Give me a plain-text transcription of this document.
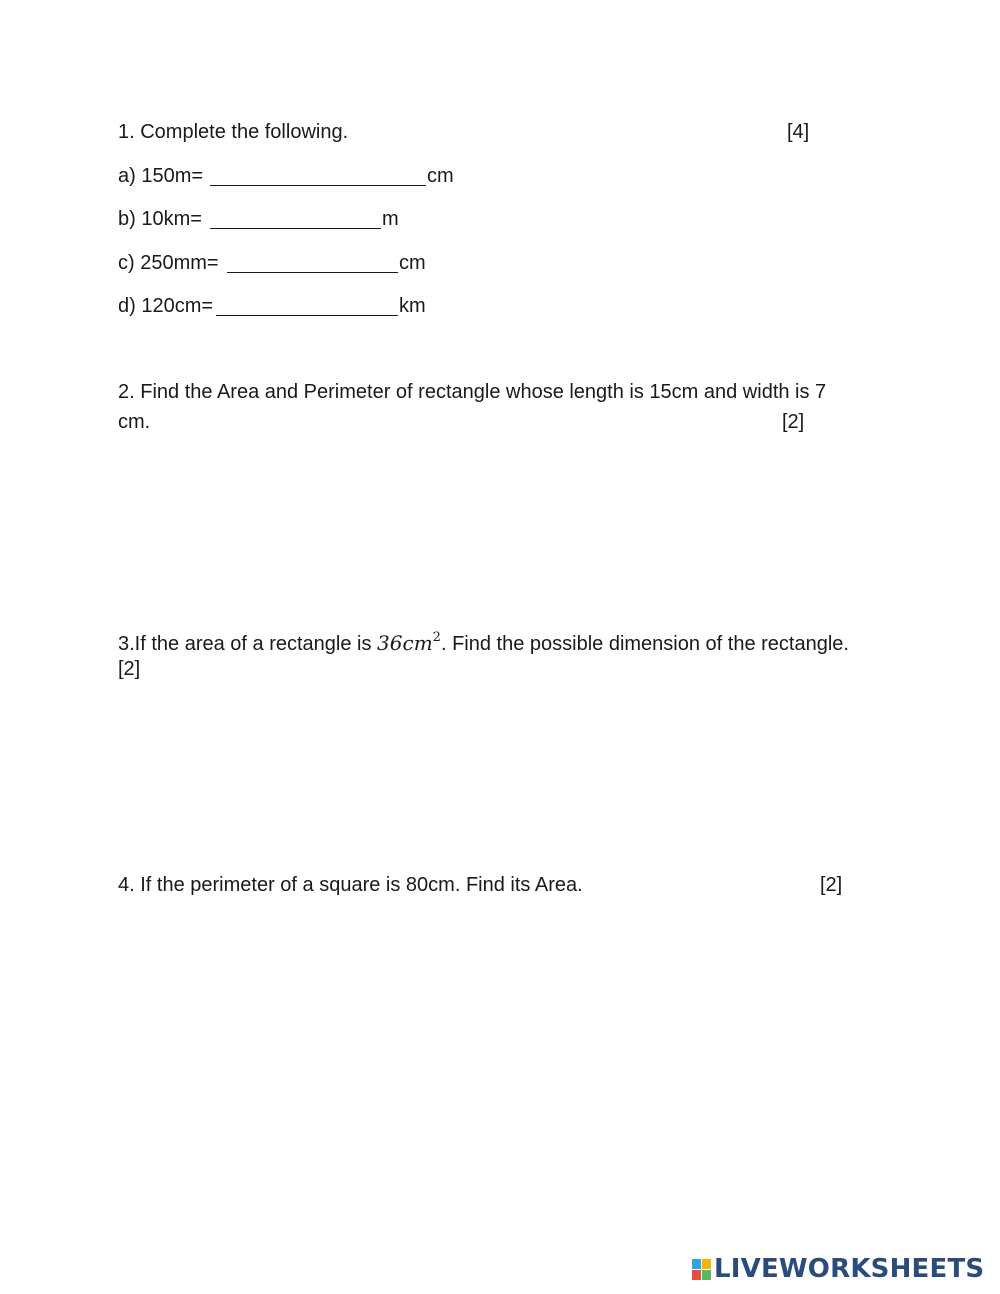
1. Complete the following.	[4]
a) 150m=	cm
b) 10km=	m
c) 250mm=	cm
d) 120cm=	km
2. Find the Area and Perimeter of rectangle whose length is 15cm and width is 7
cm.	[2]
3.If the area of a rectangle is $36cm^2$. Find the possible dimension of the rectangle.
[2]
4. If the perimeter of a square is 80cm. Find its Area.	[2]
LIVEWORKSHEETS
